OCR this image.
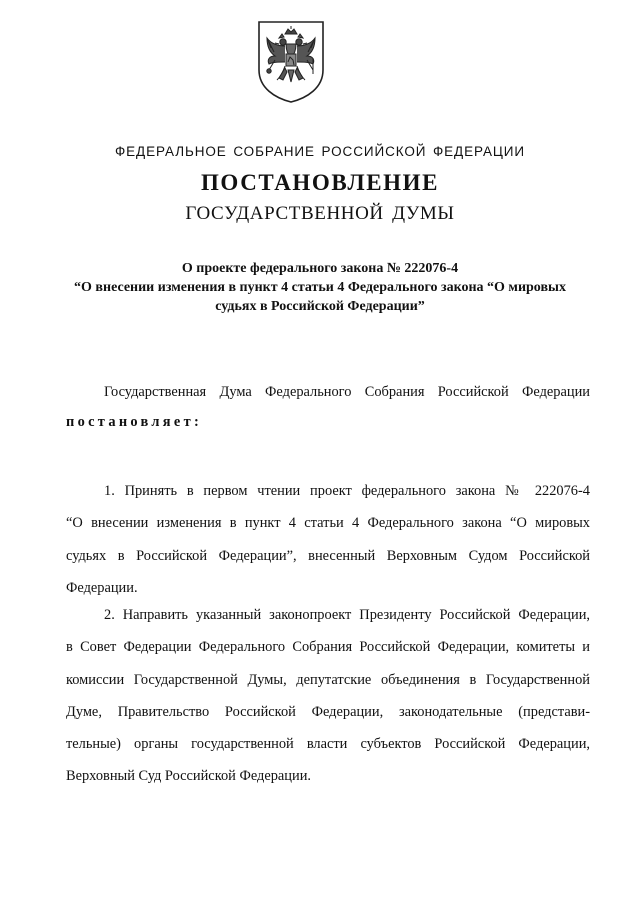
ФЕДЕРАЛЬНОЕ СОБРАНИЕ РОССИЙСКОЙ ФЕДЕРАЦИИ
ПОСТАНОВЛЕНИЕ
ГОСУДАРСТВЕННОЙ ДУМЫ
О проекте федерального закона № 222076-4
“О внесении изменения в пункт 4 статьи 4 Федерального закона “О мировых
судьях в Российской Федерации”
Государственная Дума Федерального Собрания Российской Федерации
постановляет:
1. Принять в первом чтении проект федерального закона № 222076-4
“О внесении изменения в пункт 4 статьи 4 Федерального закона “О мировых
судьях в Российской Федерации”, внесенный Верховным Судом Российской
Федерации.
2. Направить указанный законопроект Президенту Российской Федерации,
в Совет Федерации Федерального Собрания Российской Федерации, комитеты и
комиссии Государственной Думы, депутатские объединения в Государственной
Думе, Правительство Российской Федерации, законодательные (представи-
тельные) органы государственной власти субъектов Российской Федерации,
Верховный Суд Российской Федерации.
